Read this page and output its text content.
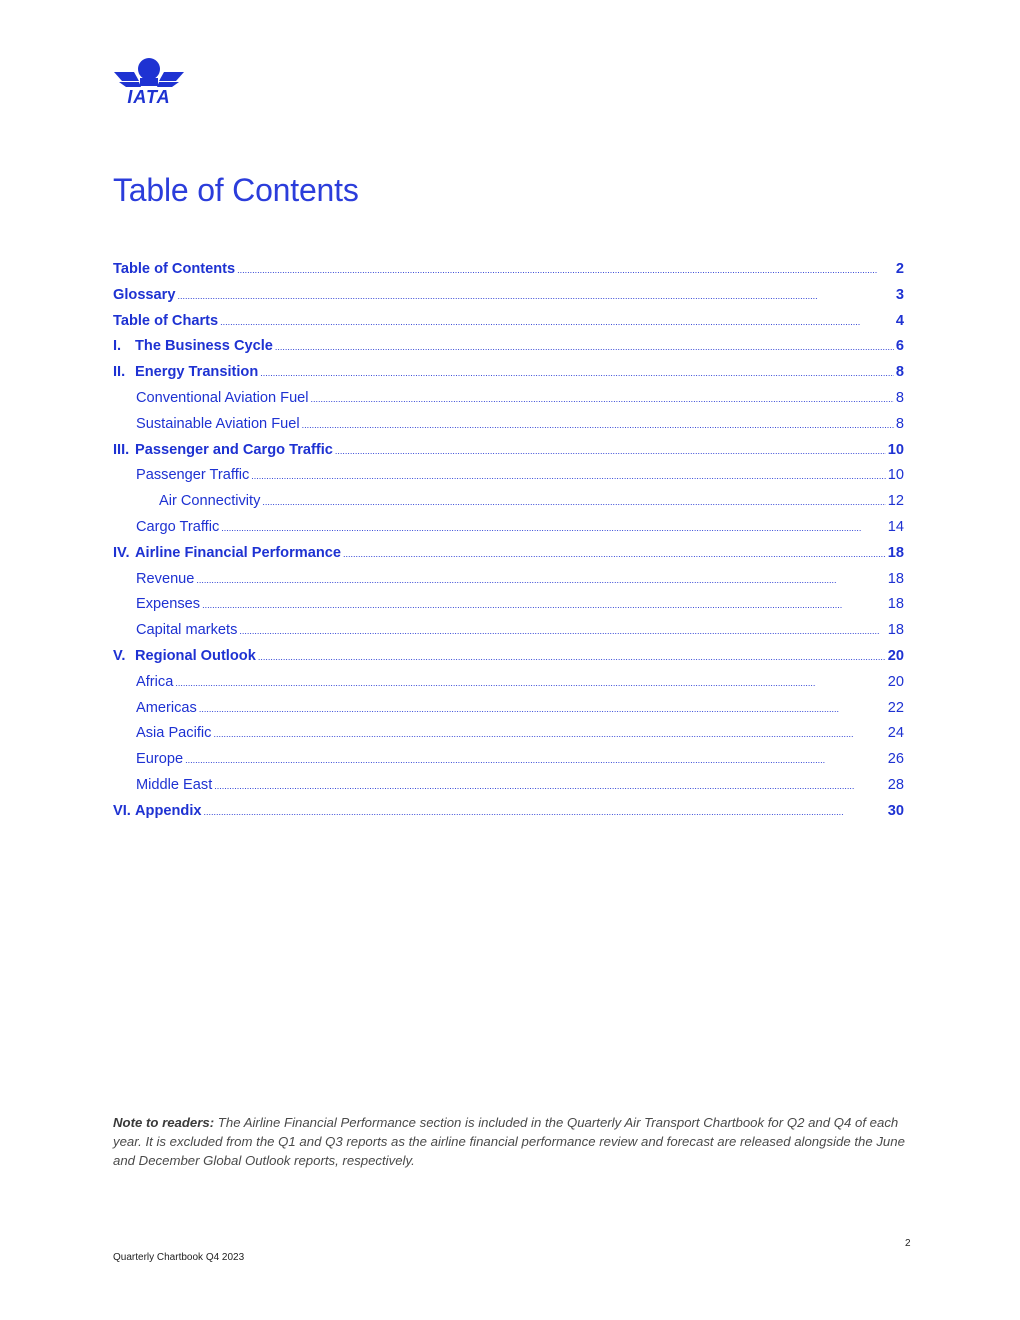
IATA
Table of Contents
Table of Contents .....	2
Glossary .....	3
Table of Charts .....	4
I. The Business Cycle .....	6
II. Energy Transition .....	8
Conventional Aviation Fuel .....	8
Sustainable Aviation Fuel .....	8
III. Passenger and Cargo Traffic .....	10
Passenger Traffic .....	10
Air Connectivity .....	12
Cargo Traffic .....	14
IV. Airline Financial Performance .....	18
Revenue .....	18
Expenses .....	18
Capital markets .....	18
V. Regional Outlook .....	20
Africa .....	20
Americas .....	22
Asia Pacific .....	24
Europe .....	26
Middle East .....	28
VI. Appendix .....	30

Note to readers: The Airline Financial Performance section is included in the Quarterly Air Transport Chartbook for Q2 and Q4 of each year. It is excluded from the Q1 and Q3 reports as the airline financial performance review and forecast are released alongside the June and December Global Outlook reports, respectively.

2
Quarterly Chartbook Q4 2023
